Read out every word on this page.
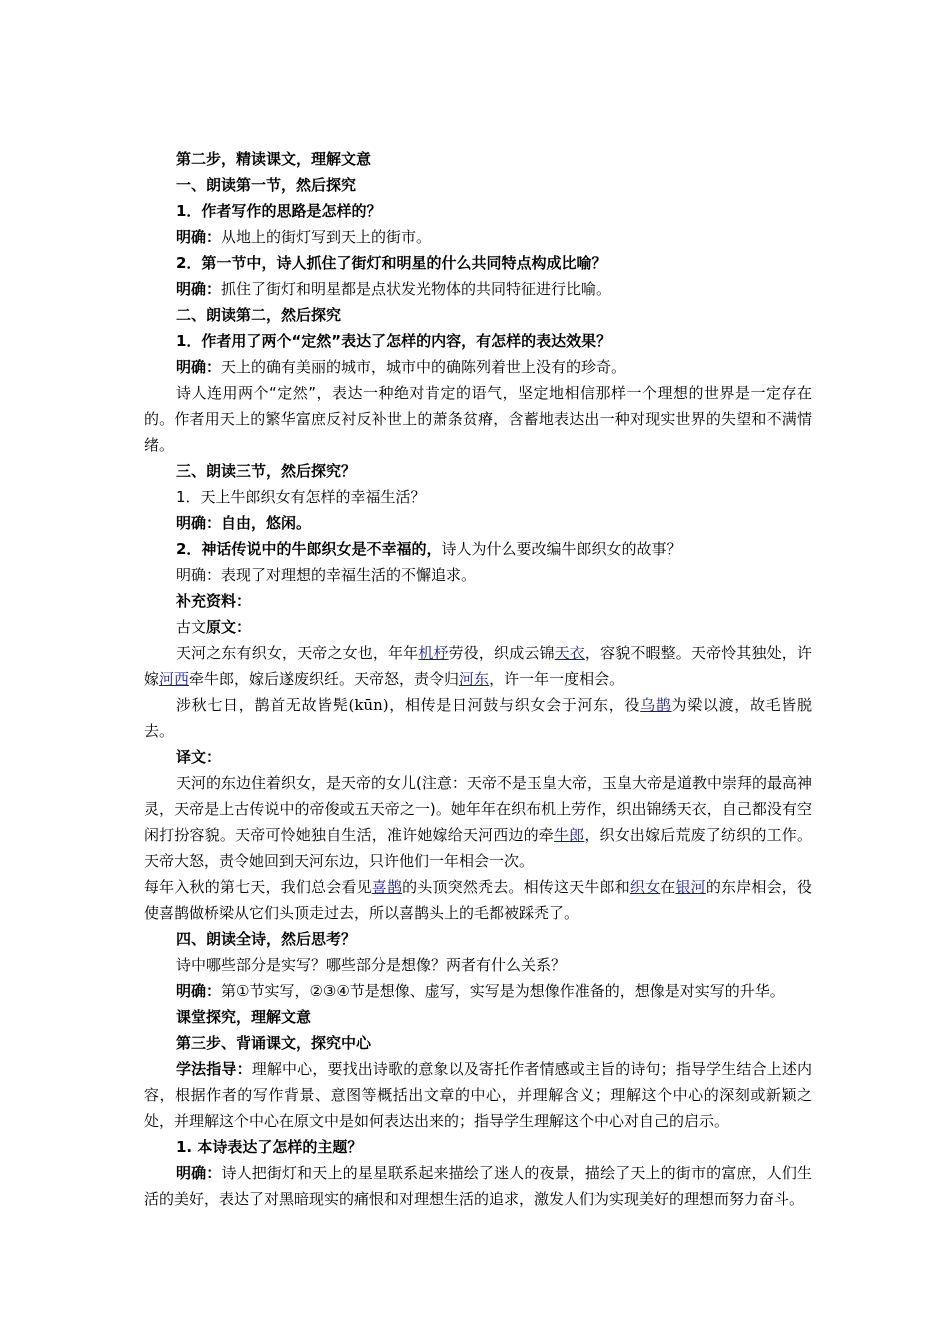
第二步，精读课文，理解文意
一、朗读第一节，然后探究
1．作者写作的思路是怎样的？
明确：从地上的街灯写到天上的街市。
2．第一节中，诗人抓住了街灯和明星的什么共同特点构成比喻？
明确：抓住了街灯和明星都是点状发光物体的共同特征进行比喻。
二、朗读第二，然后探究
1．作者用了两个“定然”表达了怎样的内容，有怎样的表达效果？
明确：天上的确有美丽的城市，城市中的确陈列着世上没有的珍奇。
诗人连用两个“定然”，表达一种绝对肯定的语气，坚定地相信那样一个理想的世界是一定存在的。作者用天上的繁华富庶反衬反补世上的萧条贫瘠，含蓄地表达出一种对现实世界的失望和不满情绪。
三、朗读三节，然后探究？
1．天上牛郎织女有怎样的幸福生活？
明确：自由，悠闲。
2．神话传说中的牛郎织女是不幸福的，诗人为什么要改编牛郎织女的故事？
明确：表现了对理想的幸福生活的不懈追求。
补充资料：
古文原文：
天河之东有织女，天帝之女也，年年机杼劳役，织成云锦天衣，容貌不暇整。天帝怜其独处，许嫁河西牵牛郎，嫁后遂废织纴。天帝怒，责令归河东，许一年一度相会。
涉秋七日，鹊首无故皆髡(kūn)，相传是日河鼓与织女会于河东，役乌鹊为梁以渡，故毛皆脱去。
译文：
天河的东边住着织女，是天帝的女儿(注意：天帝不是玉皇大帝，玉皇大帝是道教中崇拜的最高神灵，天帝是上古传说中的帝俊或五天帝之一)。她年年在织布机上劳作，织出锦绣天衣，自己都没有空闲打扮容貌。天帝可怜她独自生活，准许她嫁给天河西边的牵牛郎，织女出嫁后荒废了纺织的工作。天帝大怒，责令她回到天河东边，只许他们一年相会一次。
每年入秋的第七天，我们总会看见喜鹊的头顶突然秃去。相传这天牛郎和织女在银河的东岸相会，役使喜鹊做桥梁从它们头顶走过去，所以喜鹊头上的毛都被踩秃了。
四、朗读全诗，然后思考？
诗中哪些部分是实写？哪些部分是想像？两者有什么关系？
明确：第①节实写，②③④节是想像、虚写，实写是为想像作准备的，想像是对实写的升华。
课堂探究，理解文意
第三步、背诵课文，探究中心
学法指导：理解中心，要找出诗歌的意象以及寄托作者情感或主旨的诗句；指导学生结合上述内容，根据作者的写作背景、意图等概括出文章的中心，并理解含义；理解这个中心的深刻或新颖之处，并理解这个中心在原文中是如何表达出来的；指导学生理解这个中心对自己的启示。
1. 本诗表达了怎样的主题？
明确：诗人把街灯和天上的星星联系起来描绘了迷人的夜景，描绘了天上的街市的富庶，人们生活的美好，表达了对黑暗现实的痛恨和对理想生活的追求，激发人们为实现美好的理想而努力奋斗。
